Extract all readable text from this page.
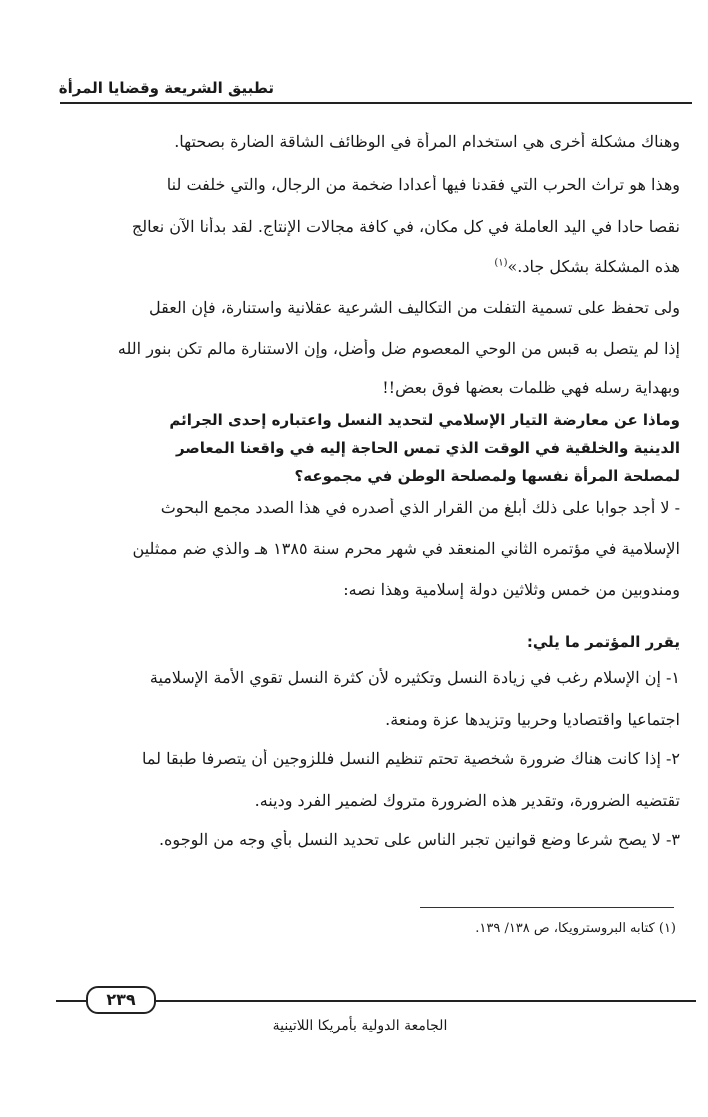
تطبيق الشريعة وقضايا المرأة
وهناك مشكلة أخرى هي استخدام المرأة في الوظائف الشاقة الضارة بصحتها.
وهذا هو تراث الحرب التي فقدنا فيها أعدادا ضخمة من الرجال، والتي خلفت لنا
نقصا حادا في اليد العاملة في كل مكان، في كافة مجالات الإنتاج. لقد بدأنا الآن نعالج
هذه المشكلة بشكل جاد.»$^{(١)}$
ولى تحفظ على تسمية التفلت من التكاليف الشرعية عقلانية واستنارة، فإن العقل
إذا لم يتصل به قبس من الوحي المعصوم ضل وأضل، وإن الاستنارة مالم تكن بنور الله
وبهداية رسله فهي ظلمات بعضها فوق بعض!!
وماذا عن معارضة التيار الإسلامي لتحديد النسل واعتباره إحدى الجرائم
الدينية والخلقية في الوقت الذي تمس الحاجة إليه في واقعنا المعاصر
لمصلحة المرأة نفسها ولمصلحة الوطن في مجموعه؟
- لا أجد جوابا على ذلك أبلغ من القرار الذي أصدره في هذا الصدد مجمع البحوث
الإسلامية في مؤتمره الثاني المنعقد في شهر محرم سنة ١٣٨٥ هـ والذي ضم ممثلين
ومندوبين من خمس وثلاثين دولة إسلامية وهذا نصه:
يقرر المؤتمر ما يلي:
١- إن الإسلام رغب في زيادة النسل وتكثيره لأن كثرة النسل تقوي الأمة الإسلامية
اجتماعيا واقتصاديا وحربيا وتزيدها عزة ومنعة.
٢- إذا كانت هناك ضرورة شخصية تحتم تنظيم النسل فللزوجين أن يتصرفا طبقا لما
تقتضيه الضرورة، وتقدير هذه الضرورة متروك لضمير الفرد ودينه.
٣- لا يصح شرعا وضع قوانين تجبر الناس على تحديد النسل بأي وجه من الوجوه.
(١) كتابه البروسترويكا، ص ١٣٨/ ١٣٩.
٢٣٩
الجامعة الدولية بأمريكا اللاتينية
